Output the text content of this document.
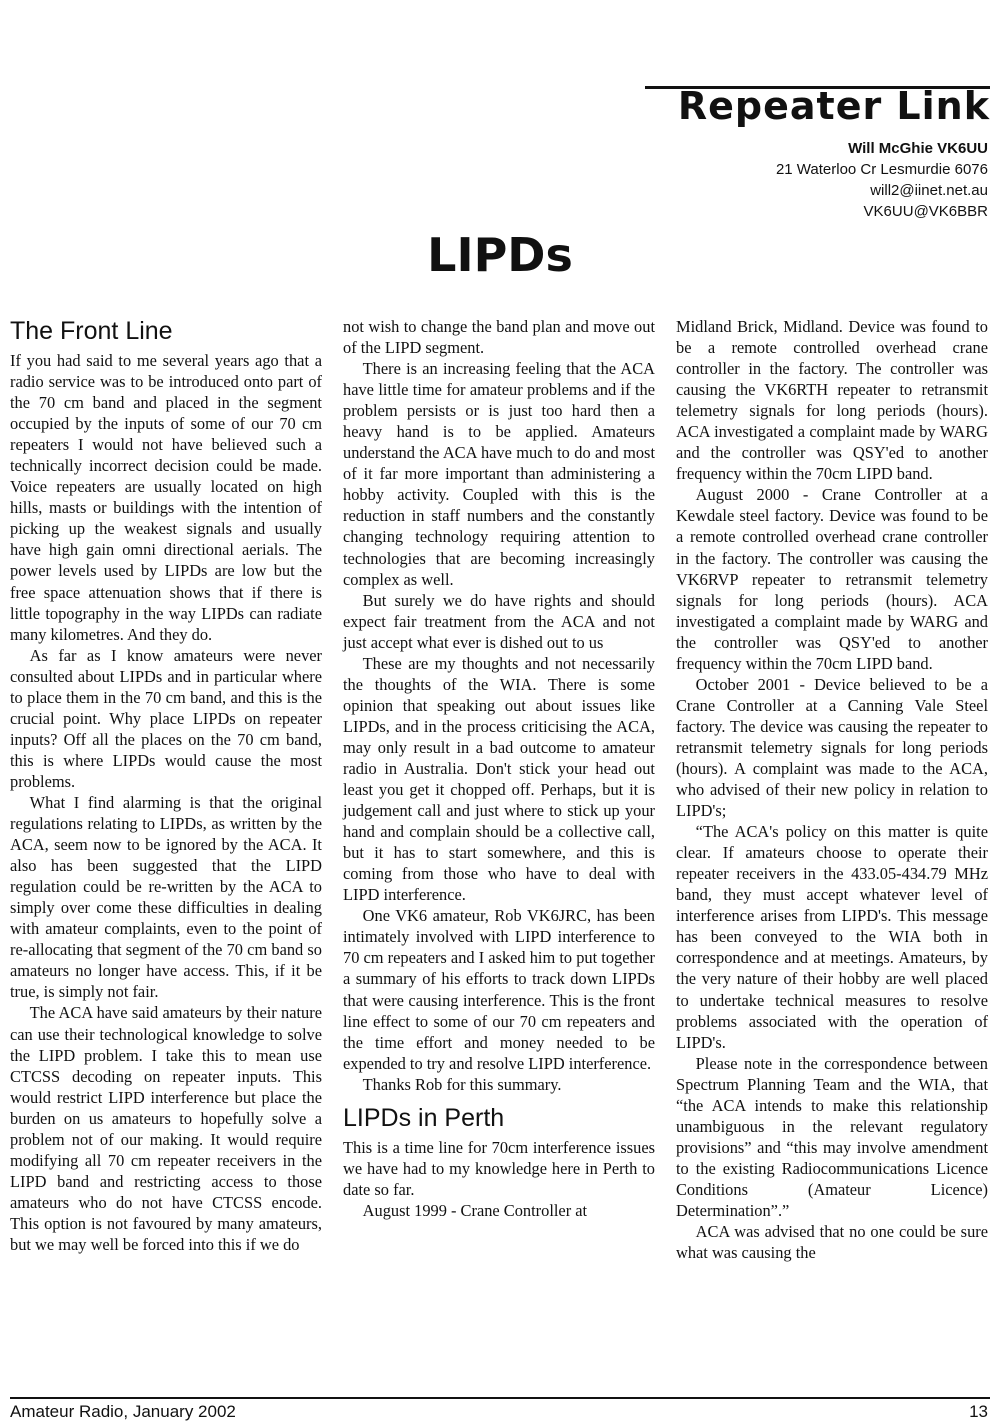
Repeater Link
Will McGhie VK6UU
21 Waterloo Cr Lesmurdie 6076
will2@iinet.net.au
VK6UU@VK6BBR
LIPDs
The Front Line

If you had said to me several years ago that a radio service was to be introduced onto part of the 70 cm band and placed in the segment occupied by the inputs of some of our 70 cm repeaters I would not have believed such a technically incorrect decision could be made. Voice repeaters are usually located on high hills, masts or buildings with the intention of picking up the weakest signals and usually have high gain omni directional aerials. The power levels used by LIPDs are low but the free space attenuation shows that if there is little topography in the way LIPDs can radiate many kilometres. And they do.

As far as I know amateurs were never consulted about LIPDs and in particular where to place them in the 70 cm band, and this is the crucial point. Why place LIPDs on repeater inputs? Off all the places on the 70 cm band, this is where LIPDs would cause the most problems.

What I find alarming is that the original regulations relating to LIPDs, as written by the ACA, seem now to be ignored by the ACA. It also has been suggested that the LIPD regulation could be re-written by the ACA to simply over come these difficulties in dealing with amateur complaints, even to the point of re-allocating that segment of the 70 cm band so amateurs no longer have access. This, if it be true, is simply not fair.

The ACA have said amateurs by their nature can use their technological knowledge to solve the LIPD problem. I take this to mean use CTCSS decoding on repeater inputs. This would restrict LIPD interference but place the burden on us amateurs to hopefully solve a problem not of our making. It would require modifying all 70 cm repeater receivers in the LIPD band and restricting access to those amateurs who do not have CTCSS encode. This option is not favoured by many amateurs, but we may well be forced into this if we do

not wish to change the band plan and move out of the LIPD segment.

There is an increasing feeling that the ACA have little time for amateur problems and if the problem persists or is just too hard then a heavy hand is to be applied. Amateurs understand the ACA have much to do and most of it far more important than administering a hobby activity. Coupled with this is the reduction in staff numbers and the constantly changing technology requiring attention to technologies that are becoming increasingly complex as well.

But surely we do have rights and should expect fair treatment from the ACA and not just accept what ever is dished out to us

These are my thoughts and not necessarily the thoughts of the WIA. There is some opinion that speaking out about issues like LIPDs, and in the process criticising the ACA, may only result in a bad outcome to amateur radio in Australia. Don't stick your head out least you get it chopped off. Perhaps, but it is judgement call and just where to stick up your hand and complain should be a collective call, but it has to start somewhere, and this is coming from those who have to deal with LIPD interference.

One VK6 amateur, Rob VK6JRC, has been intimately involved with LIPD interference to 70 cm repeaters and I asked him to put together a summary of his efforts to track down LIPDs that were causing interference. This is the front line effect to some of our 70 cm repeaters and the time effort and money needed to be expended to try and resolve LIPD interference.

Thanks Rob for this summary.

LIPDs in Perth

This is a time line for 70cm interference issues we have had to my knowledge here in Perth to date so far.

August 1999 - Crane Controller at

Midland Brick, Midland. Device was found to be a remote controlled overhead crane controller in the factory. The controller was causing the VK6RTH repeater to retransmit telemetry signals for long periods (hours). ACA investigated a complaint made by WARG and the controller was QSY'ed to another frequency within the 70cm LIPD band.

August 2000 - Crane Controller at a Kewdale steel factory. Device was found to be a remote controlled overhead crane controller in the factory. The controller was causing the VK6RVP repeater to retransmit telemetry signals for long periods (hours). ACA investigated a complaint made by WARG and the controller was QSY'ed to another frequency within the 70cm LIPD band.

October 2001 - Device believed to be a Crane Controller at a Canning Vale Steel factory. The device was causing the repeater to retransmit telemetry signals for long periods (hours). A complaint was made to the ACA, who advised of their new policy in relation to LIPD's;

“The ACA's policy on this matter is quite clear. If amateurs choose to operate their repeater receivers in the 433.05-434.79 MHz band, they must accept whatever level of interference arises from LIPD's. This message has been conveyed to the WIA both in correspondence and at meetings. Amateurs, by the very nature of their hobby are well placed to undertake technical measures to resolve problems associated with the operation of LIPD's.

Please note in the correspondence between Spectrum Planning Team and the WIA, that “the ACA intends to make this relationship unambiguous in the relevant regulatory provisions” and “this may involve amendment to the existing Radiocommunications Licence Conditions (Amateur Licence) Determination”.”

ACA was advised that no one could be sure what was causing the

Amateur Radio, January 2002	13
